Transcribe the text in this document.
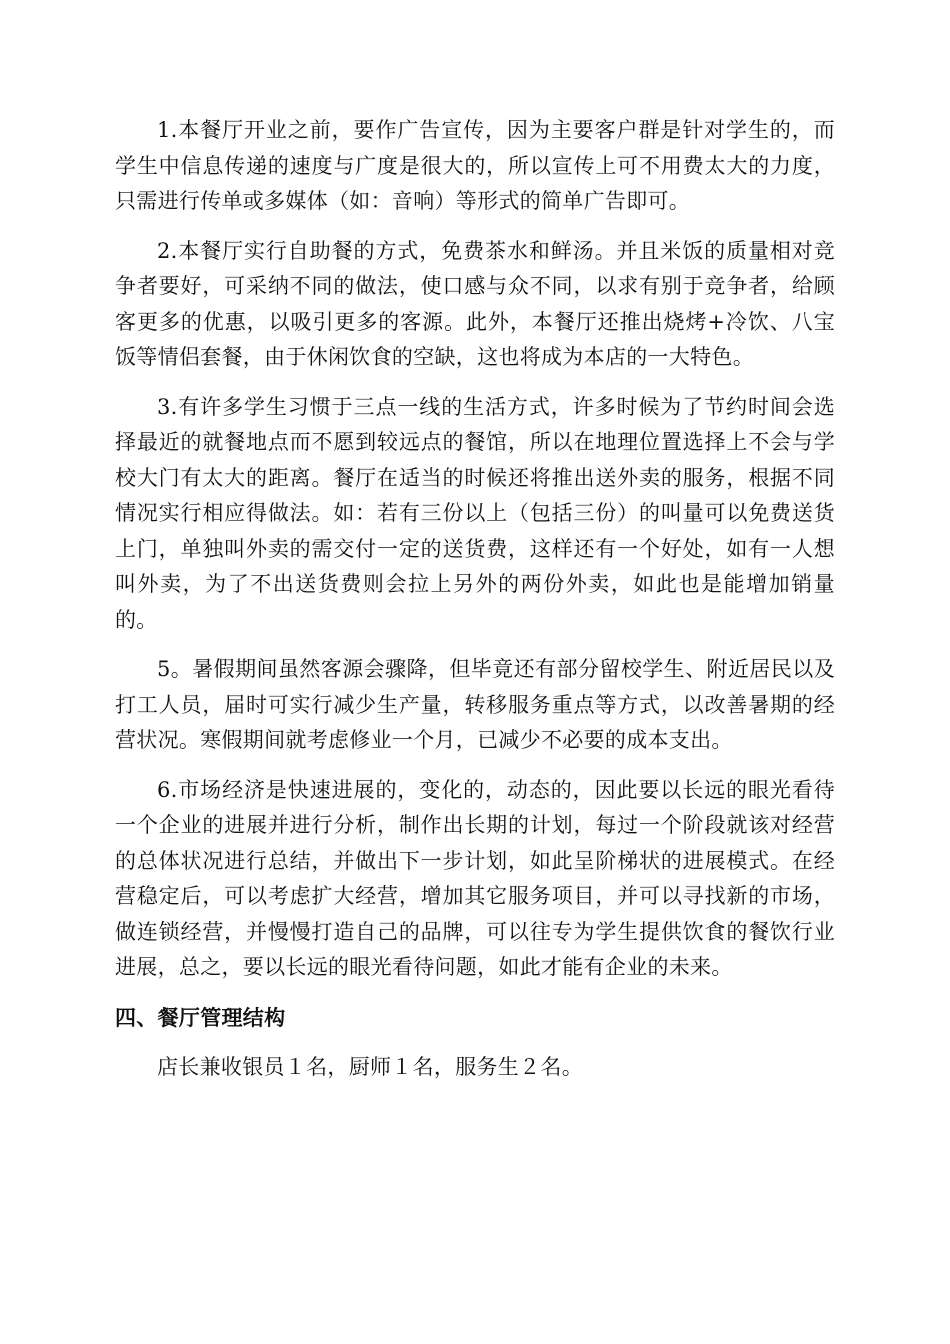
1.本餐厅开业之前，要作广告宣传，因为主要客户群是针对学生的，而学生中信息传递的速度与广度是很大的，所以宣传上可不用费太大的力度，只需进行传单或多媒体（如：音响）等形式的简单广告即可。

2.本餐厅实行自助餐的方式，免费茶水和鲜汤。并且米饭的质量相对竞争者要好，可采纳不同的做法，使口感与众不同，以求有别于竞争者，给顾客更多的优惠，以吸引更多的客源。此外，本餐厅还推出烧烤+冷饮、八宝饭等情侣套餐，由于休闲饮食的空缺，这也将成为本店的一大特色。

3.有许多学生习惯于三点一线的生活方式，许多时候为了节约时间会选择最近的就餐地点而不愿到较远点的餐馆，所以在地理位置选择上不会与学校大门有太大的距离。餐厅在适当的时候还将推出送外卖的服务，根据不同情况实行相应得做法。如：若有三份以上（包括三份）的叫量可以免费送货上门，单独叫外卖的需交付一定的送货费，这样还有一个好处，如有一人想叫外卖，为了不出送货费则会拉上另外的两份外卖，如此也是能增加销量的。

5。暑假期间虽然客源会骤降，但毕竟还有部分留校学生、附近居民以及打工人员，届时可实行减少生产量，转移服务重点等方式，以改善暑期的经营状况。寒假期间就考虑修业一个月，已减少不必要的成本支出。

6.市场经济是快速进展的，变化的，动态的，因此要以长远的眼光看待一个企业的进展并进行分析，制作出长期的计划，每过一个阶段就该对经营的总体状况进行总结，并做出下一步计划，如此呈阶梯状的进展模式。在经营稳定后，可以考虑扩大经营，增加其它服务项目，并可以寻找新的市场，做连锁经营，并慢慢打造自己的品牌，可以往专为学生提供饮食的餐饮行业进展，总之，要以长远的眼光看待问题，如此才能有企业的未来。

四、餐厅管理结构

店长兼收银员１名，厨师１名，服务生２名。
